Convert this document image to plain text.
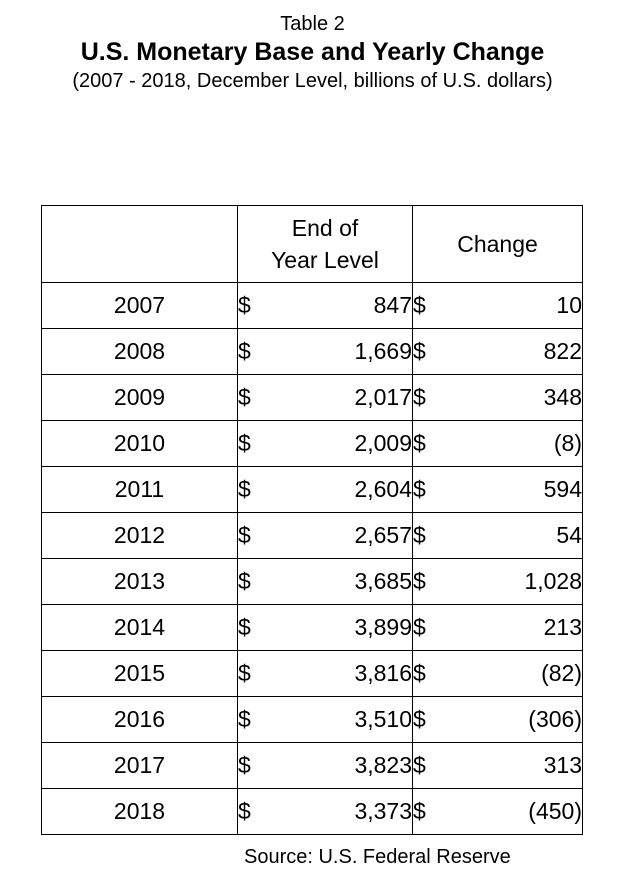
Table 2
U.S. Monetary Base and Yearly Change
(2007 - 2018, December Level, billions of U.S. dollars)

	End of
Year Level		Change	
2007	$	847	$	10
2008	$	1,669	$	822
2009	$	2,017	$	348
2010	$	2,009	$	(8)
2011	$	2,604	$	594
2012	$	2,657	$	54
2013	$	3,685	$	1,028
2014	$	3,899	$	213
2015	$	3,816	$	(82)
2016	$	3,510	$	(306)
2017	$	3,823	$	313
2018	$	3,373	$	(450)
Source: U.S. Federal Reserve
